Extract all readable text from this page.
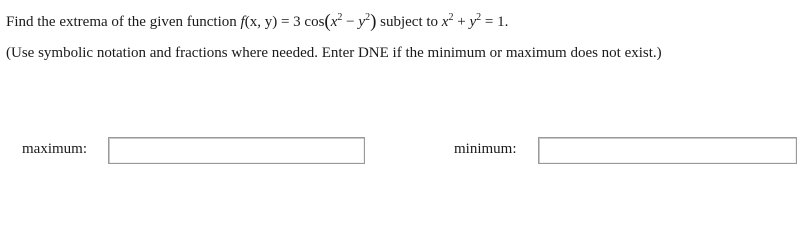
Find the extrema of the given function f(x, y) = 3 $\cos(x^2 - y^2)$ subject to $x^2 + y^2 = 1$.
(Use symbolic notation and fractions where needed. Enter DNE if the minimum or maximum does not exist.)
maximum:	minimum:
